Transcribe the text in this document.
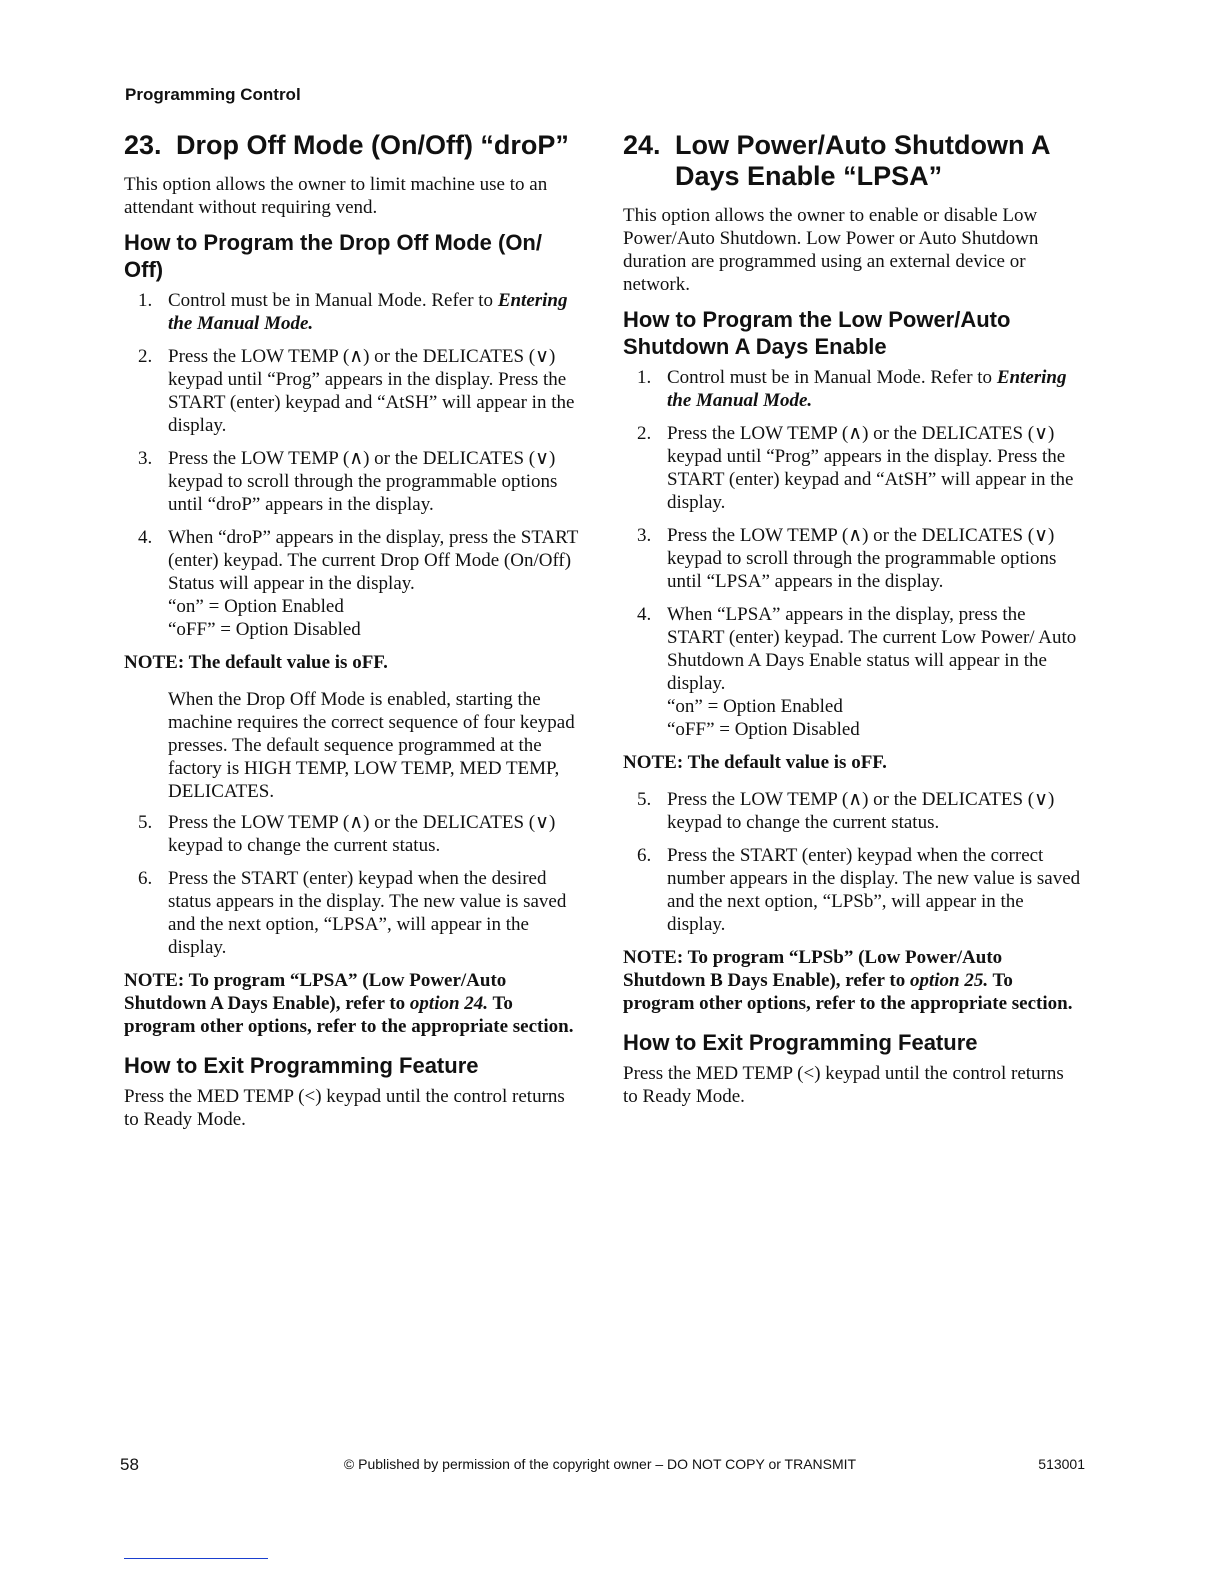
Programming Control
23. Drop Off Mode (On/Off) “droP”

This option allows the owner to limit machine use to an attendant without requiring vend.

How to Program the Drop Off Mode (On/ Off)
1. Control must be in Manual Mode. Refer to Entering the Manual Mode.
2. Press the LOW TEMP (∧) or the DELICATES (∨) keypad until “Prog” appears in the display. Press the START (enter) keypad and “AtSH” will appear in the display.
3. Press the LOW TEMP (∧) or the DELICATES (∨) keypad to scroll through the programmable options until “droP” appears in the display.
4. When “droP” appears in the display, press the START (enter) keypad. The current Drop Off Mode (On/Off) Status will appear in the display.
“on” = Option Enabled
“oFF” = Option Disabled

NOTE: The default value is oFF.

When the Drop Off Mode is enabled, starting the machine requires the correct sequence of four keypad presses. The default sequence programmed at the factory is HIGH TEMP, LOW TEMP, MED TEMP, DELICATES.

5. Press the LOW TEMP (∧) or the DELICATES (∨) keypad to change the current status.
6. Press the START (enter) keypad when the desired status appears in the display. The new value is saved and the next option, “LPSA”, will appear in the display.

NOTE: To program “LPSA” (Low Power/Auto Shutdown A Days Enable), refer to option 24. To program other options, refer to the appropriate section.

How to Exit Programming Feature

Press the MED TEMP (<) keypad until the control returns to Ready Mode.

24. Low Power/Auto Shutdown A Days Enable “LPSA”

This option allows the owner to enable or disable Low Power/Auto Shutdown. Low Power or Auto Shutdown duration are programmed using an external device or network.

How to Program the Low Power/Auto Shutdown A Days Enable
1. Control must be in Manual Mode. Refer to Entering the Manual Mode.
2. Press the LOW TEMP (∧) or the DELICATES (∨) keypad until “Prog” appears in the display. Press the START (enter) keypad and “AtSH” will appear in the display.
3. Press the LOW TEMP (∧) or the DELICATES (∨) keypad to scroll through the programmable options until “LPSA” appears in the display.
4. When “LPSA” appears in the display, press the START (enter) keypad. The current Low Power/ Auto Shutdown A Days Enable status will appear in the display.
“on” = Option Enabled
“oFF” = Option Disabled

NOTE: The default value is oFF.

5. Press the LOW TEMP (∧) or the DELICATES (∨) keypad to change the current status.
6. Press the START (enter) keypad when the correct number appears in the display. The new value is saved and the next option, “LPSb”, will appear in the display.

NOTE: To program “LPSb” (Low Power/Auto Shutdown B Days Enable), refer to option 25. To program other options, refer to the appropriate section.

How to Exit Programming Feature

Press the MED TEMP (<) keypad until the control returns to Ready Mode.

58	© Published by permission of the copyright owner – DO NOT COPY or TRANSMIT	513001
